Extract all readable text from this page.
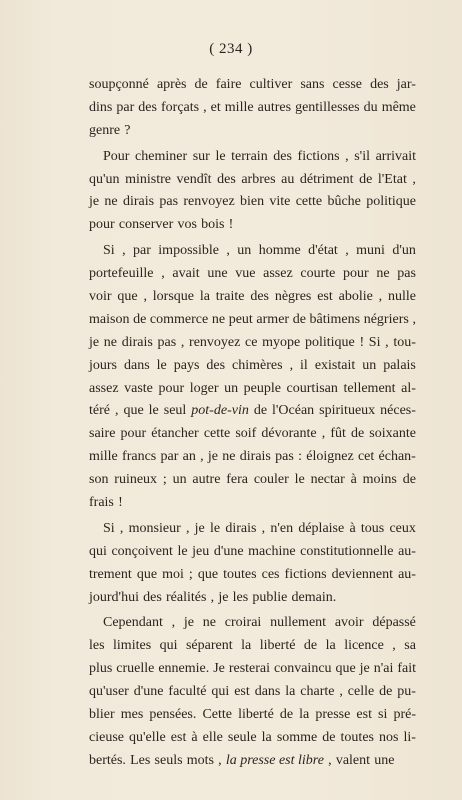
( 234 )
soupçonné après de faire cultiver sans cesse des jar-
dins par des forçats , et mille autres gentillesses du même
genre ?
Pour cheminer sur le terrain des fictions , s'il arrivait
qu'un ministre vendît des arbres au détriment de l'Etat ,
je ne dirais pas renvoyez bien vite cette bûche politique
pour conserver vos bois !
Si , par impossible , un homme d'état , muni d'un
portefeuille , avait une vue assez courte pour ne pas
voir que , lorsque la traite des nègres est abolie , nulle
maison de commerce ne peut armer de bâtimens négriers ,
je ne dirais pas , renvoyez ce myope politique ! Si , tou-
jours dans le pays des chimères , il existait un palais
assez vaste pour loger un peuple courtisan tellement al-
téré , que le seul pot-de-vin de l'Océan spiritueux néces-
saire pour étancher cette soif dévorante , fût de soixante
mille francs par an , je ne dirais pas : éloignez cet échan-
son ruineux ; un autre fera couler le nectar à moins de
frais !
Si , monsieur , je le dirais , n'en déplaise à tous ceux
qui conçoivent le jeu d'une machine constitutionnelle au-
trement que moi ; que toutes ces fictions deviennent au-
jourd'hui des réalités , je les publie demain.
Cependant , je ne croirai nullement avoir dépassé
les limites qui séparent la liberté de la licence , sa
plus cruelle ennemie. Je resterai convaincu que je n'ai fait
qu'user d'une faculté qui est dans la charte , celle de pu-
blier mes pensées. Cette liberté de la presse est si pré-
cieuse qu'elle est à elle seule la somme de toutes nos li-
bertés. Les seuls mots , la presse est libre , valent une
